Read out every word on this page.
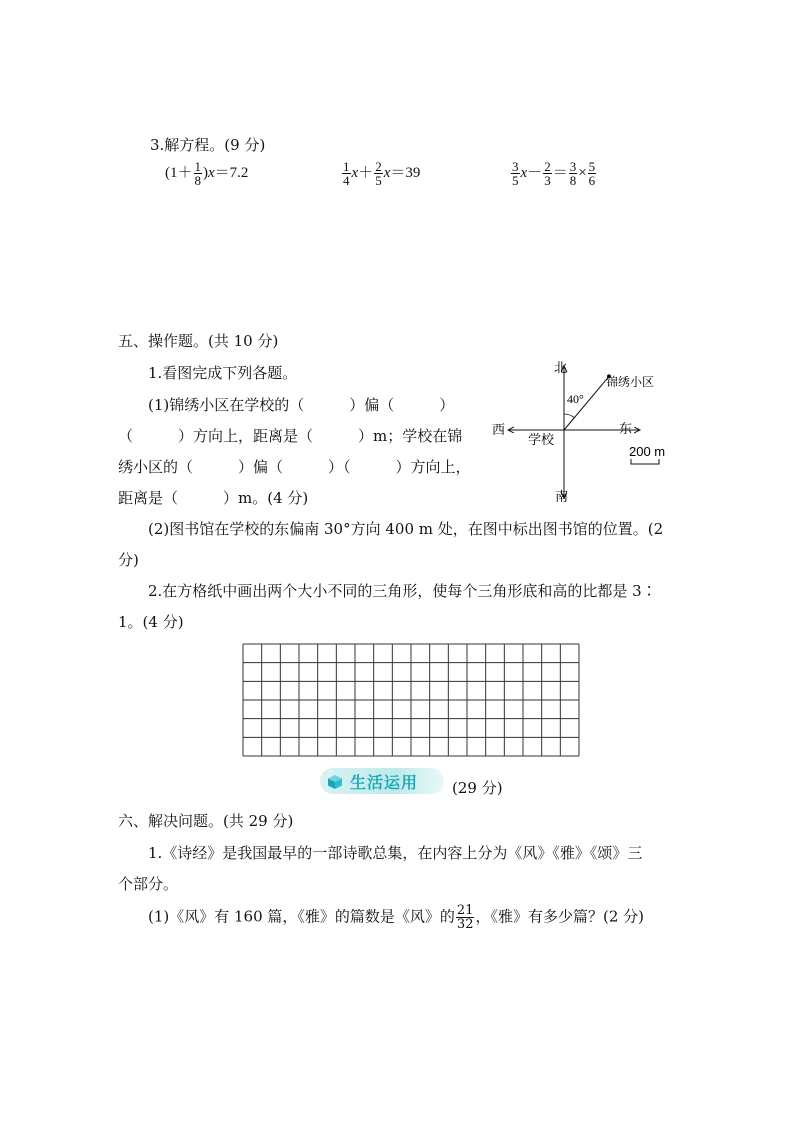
3.解方程。(9 分)
$(1+ \frac{1}{8} )x=7.2$	$\frac{1}{4} x+ \frac{2}{5} x=39$	$\frac{3}{5} x- \frac{2}{3} = \frac{3}{8} \times \frac{5}{6}$
五、操作题。(共 10 分)
1.看图完成下列各题。
(1)锦绣小区在学校的（　　　）偏（　　　）
（　　　）方向上，距离是（　　　）m；学校在锦
绣小区的（　　　）偏（　　　）（　　　）方向上，
距离是（　　　）m。(4 分)
(2)图书馆在学校的东偏南 30°方向 400 m 处，在图中标出图书馆的位置。(2
分)
2.在方格纸中画出两个大小不同的三角形，使每个三角形底和高的比都是 3∶
1。(4 分)
北
南
东
西
学校
锦绣小区
40°
200 m
生活运用 (29 分)
六、解决问题。(共 29 分)
1.《诗经》是我国最早的一部诗歌总集，在内容上分为《风》《雅》《颂》三
个部分。
(1)《风》有 160 篇，《雅》的篇数是《风》的 $\frac{21}{32}$ ，《雅》有多少篇？(2 分)
